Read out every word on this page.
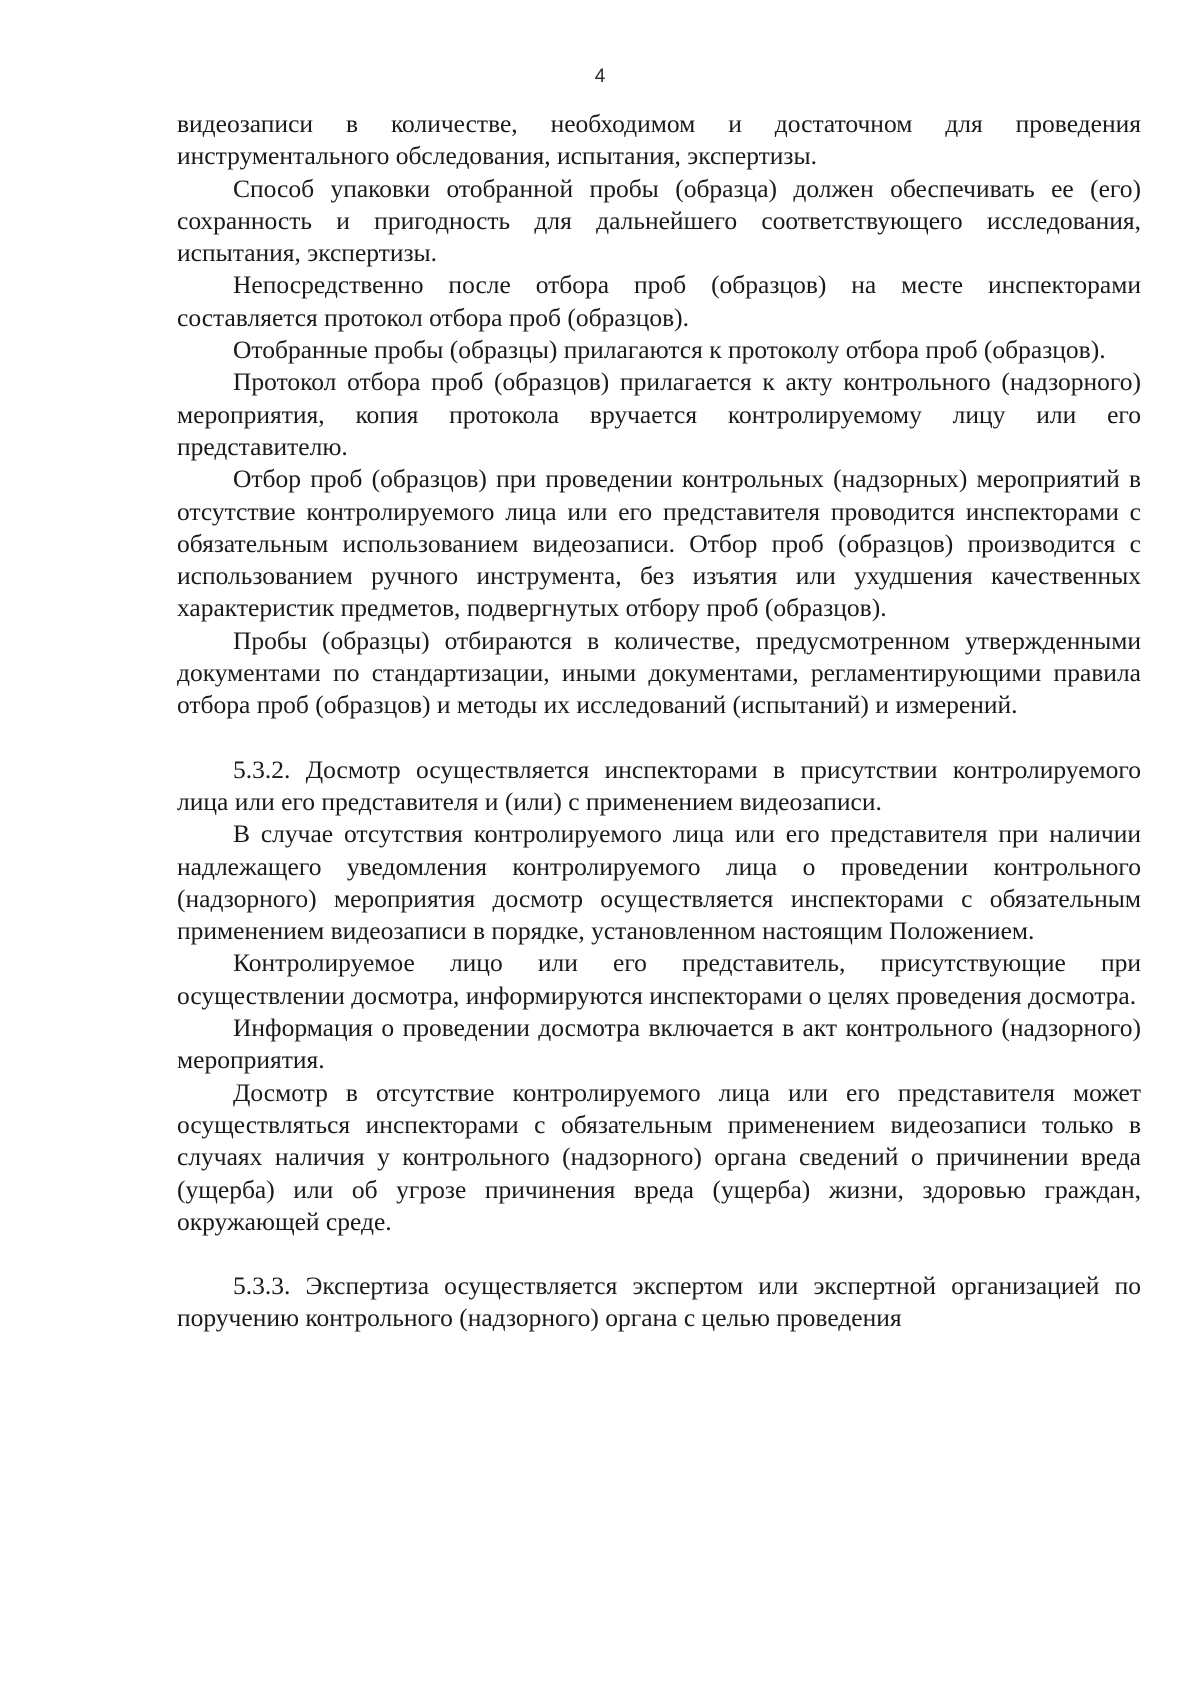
4

видеозаписи в количестве, необходимом и достаточном для проведения инструментального обследования, испытания, экспертизы.

Способ упаковки отобранной пробы (образца) должен обеспечивать ее (его) сохранность и пригодность для дальнейшего соответствующего исследования, испытания, экспертизы.

Непосредственно после отбора проб (образцов) на месте инспекторами составляется протокол отбора проб (образцов).

Отобранные пробы (образцы) прилагаются к протоколу отбора проб (образцов).

Протокол отбора проб (образцов) прилагается к акту контрольного (надзорного) мероприятия, копия протокола вручается контролируемому лицу или его представителю.

Отбор проб (образцов) при проведении контрольных (надзорных) мероприятий в отсутствие контролируемого лица или его представителя проводится инспекторами с обязательным использованием видеозаписи. Отбор проб (образцов) производится с использованием ручного инструмента, без изъятия или ухудшения качественных характеристик предметов, подвергнутых отбору проб (образцов).

Пробы (образцы) отбираются в количестве, предусмотренном утвержденными документами по стандартизации, иными документами, регламентирующими правила отбора проб (образцов) и методы их исследований (испытаний) и измерений.

5.3.2. Досмотр осуществляется инспекторами в присутствии контролируемого лица или его представителя и (или) с применением видеозаписи.

В случае отсутствия контролируемого лица или его представителя при наличии надлежащего уведомления контролируемого лица о проведении контрольного (надзорного) мероприятия досмотр осуществляется инспекторами с обязательным применением видеозаписи в порядке, установленном настоящим Положением.

Контролируемое лицо или его представитель, присутствующие при осуществлении досмотра, информируются инспекторами о целях проведения досмотра.

Информация о проведении досмотра включается в акт контрольного (надзорного) мероприятия.

Досмотр в отсутствие контролируемого лица или его представителя может осуществляться инспекторами с обязательным применением видеозаписи только в случаях наличия у контрольного (надзорного) органа сведений о причинении вреда (ущерба) или об угрозе причинения вреда (ущерба) жизни, здоровью граждан, окружающей среде.

5.3.3. Экспертиза осуществляется экспертом или экспертной организацией по поручению контрольного (надзорного) органа с целью проведения
